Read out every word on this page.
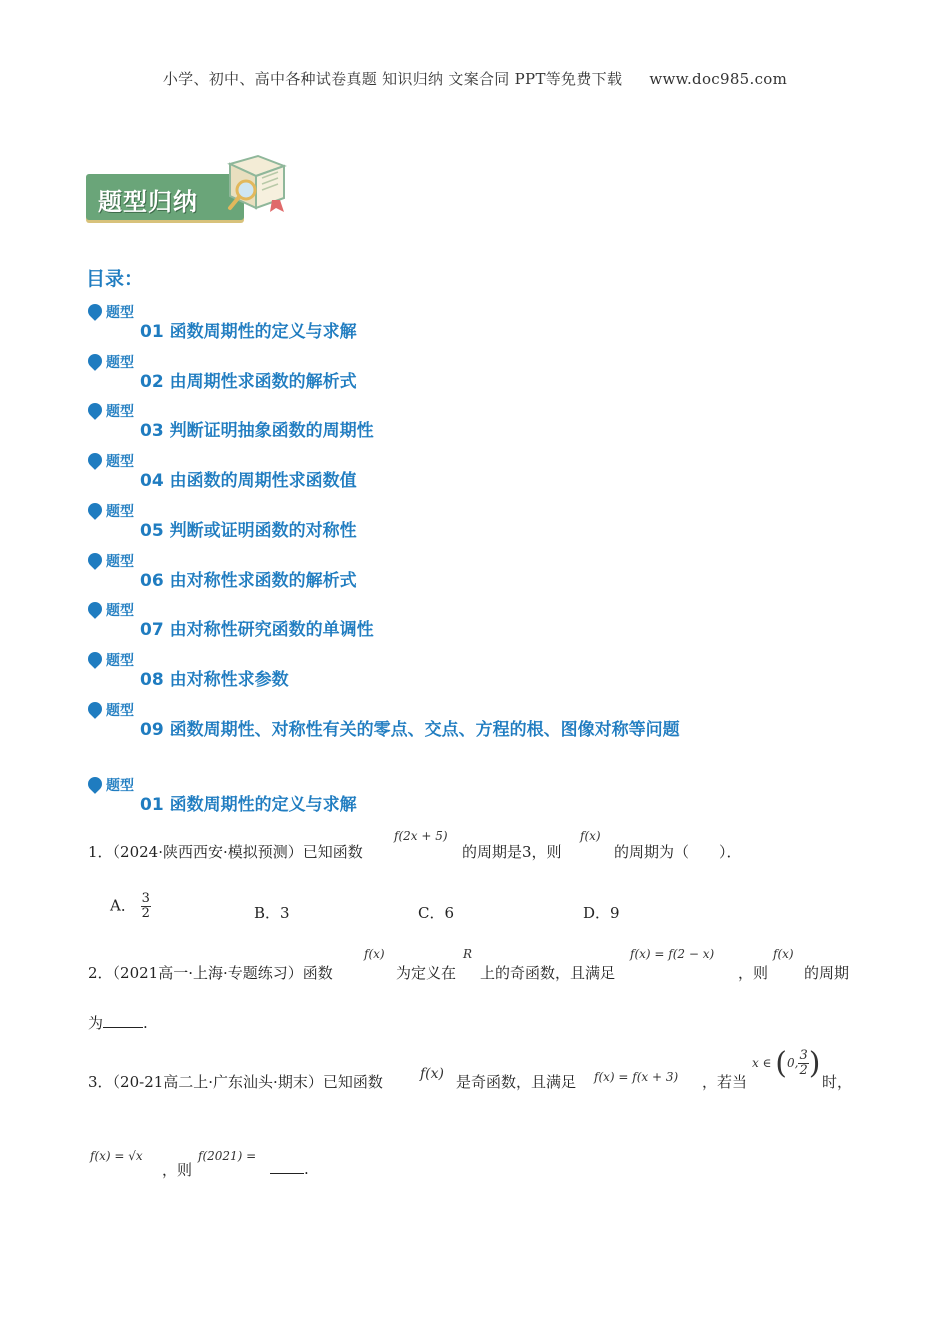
小学、初中、高中各种试卷真题 知识归纳 文案合同 PPT等免费下载 www.doc985.com
题型归纳
目录：
题型
01 函数周期性的定义与求解
题型
02 由周期性求函数的解析式
题型
03 判断证明抽象函数的周期性
题型
04 由函数的周期性求函数值
题型
05 判断或证明函数的对称性
题型
06 由对称性求函数的解析式
题型
07 由对称性研究函数的单调性
题型
08 由对称性求参数
题型
09 函数周期性、对称性有关的零点、交点、方程的根、图像对称等问题
题型
01 函数周期性的定义与求解
1．（2024·陕西西安·模拟预测）已知函数
f(2x + 5)
的周期是3，则
f(x)
的周期为（　　）．
A． $\frac{3}{2}$	B．3	C．6	D．9
2．（2021高一·上海·专题练习）函数
f(x)
为定义在
R
上的奇函数，且满足
f(x) = f(2 − x)
，则
f(x)
的周期
为	.
3．（20-21高二上·广东汕头·期末）已知函数	f(x) 是奇函数，且满足 f(x) = f(x + 3) ，若当
x ∈ (0, $\frac{3}{2}$ )
时，
f(x) = √x
，则
f(2021) =
.
